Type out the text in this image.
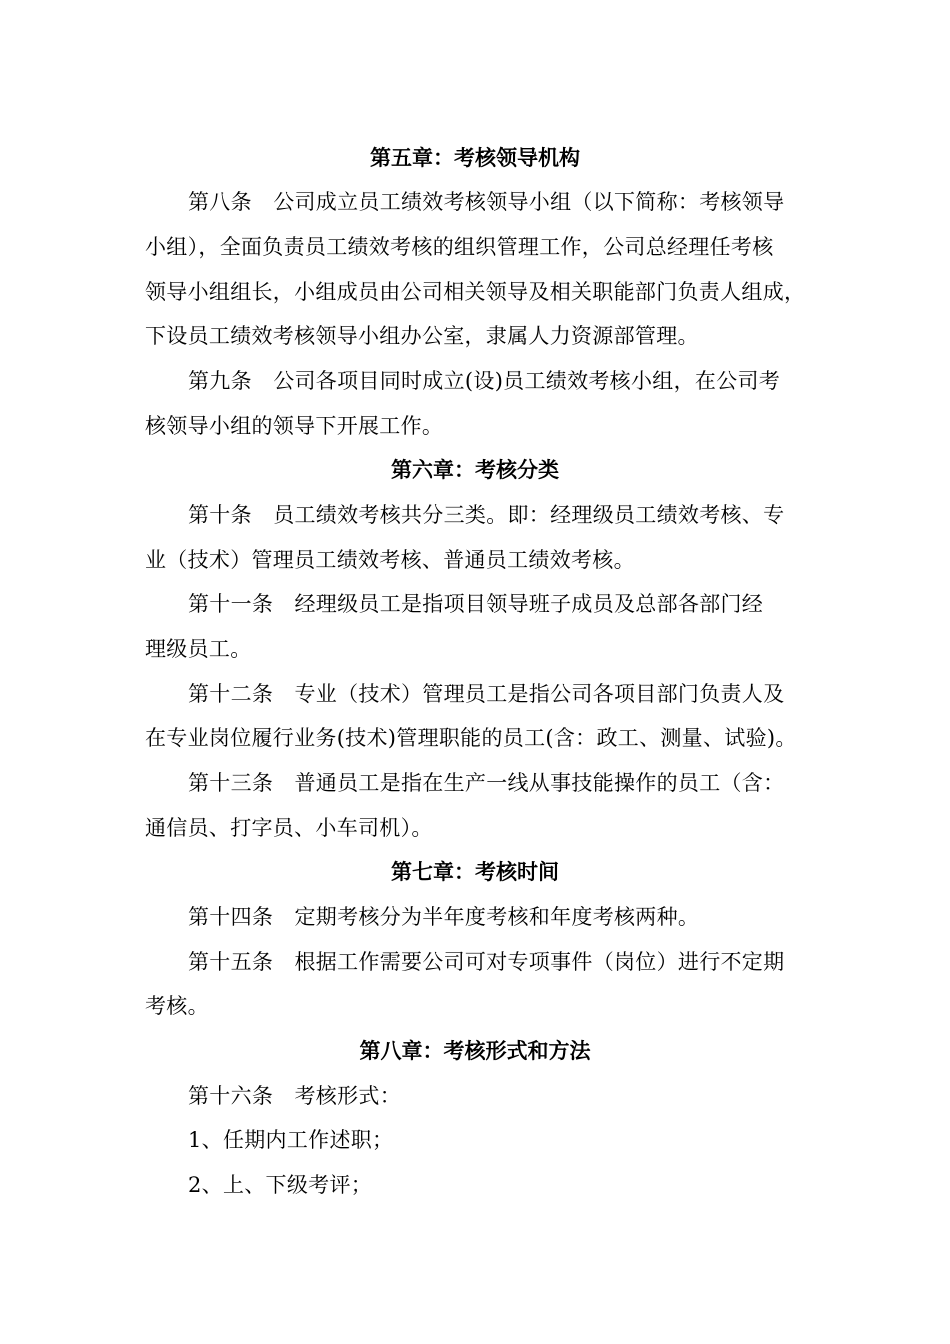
第五章：考核领导机构
第八条　公司成立员工绩效考核领导小组（以下简称：考核领导
小组），全面负责员工绩效考核的组织管理工作，公司总经理任考核
领导小组组长，小组成员由公司相关领导及相关职能部门负责人组成，
下设员工绩效考核领导小组办公室，隶属人力资源部管理。
第九条　公司各项目同时成立(设)员工绩效考核小组，在公司考
核领导小组的领导下开展工作。
第六章：考核分类
第十条　员工绩效考核共分三类。即：经理级员工绩效考核、专
业（技术）管理员工绩效考核、普通员工绩效考核。
第十一条　经理级员工是指项目领导班子成员及总部各部门经
理级员工。
第十二条　专业（技术）管理员工是指公司各项目部门负责人及
在专业岗位履行业务(技术)管理职能的员工(含：政工、测量、试验)。
第十三条　普通员工是指在生产一线从事技能操作的员工（含：
通信员、打字员、小车司机）。
第七章：考核时间
第十四条　定期考核分为半年度考核和年度考核两种。
第十五条　根据工作需要公司可对专项事件（岗位）进行不定期
考核。
第八章：考核形式和方法
第十六条　考核形式：
1、任期内工作述职；
2、上、下级考评；
